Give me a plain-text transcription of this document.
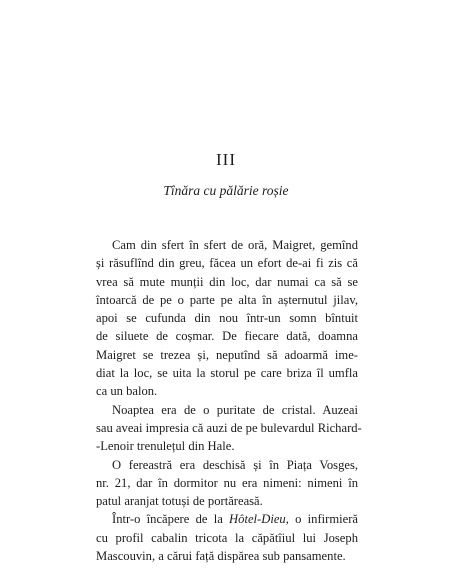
III
Tînăra cu pălărie roșie
Cam din sfert în sfert de oră, Maigret, gemînd
și răsuflînd din greu, făcea un efort de-ai fi zis că
vrea să mute munții din loc, dar numai ca să se
întoarcă de pe o parte pe alta în așternutul jilav,
apoi se cufunda din nou într-un somn bîntuit
de siluete de coșmar. De fiecare dată, doamna
Maigret se trezea și, neputînd să adoarmă ime-
diat la loc, se uita la storul pe care briza îl umfla
ca un balon.
Noaptea era de o puritate de cristal. Auzeai
sau aveai impresia că auzi de pe bulevardul Richard-
-Lenoir trenulețul din Hale.
O fereastră era deschisă și în Piața Vosges,
nr. 21, dar în dormitor nu era nimeni: nimeni în
patul aranjat totuși de portăreasă.
Într-o încăpere de la Hôtel-Dieu, o infirmieră
cu profil cabalin tricota la căpătîiul lui Joseph
Mascouvin, a cărui față dispărea sub pansamente.
